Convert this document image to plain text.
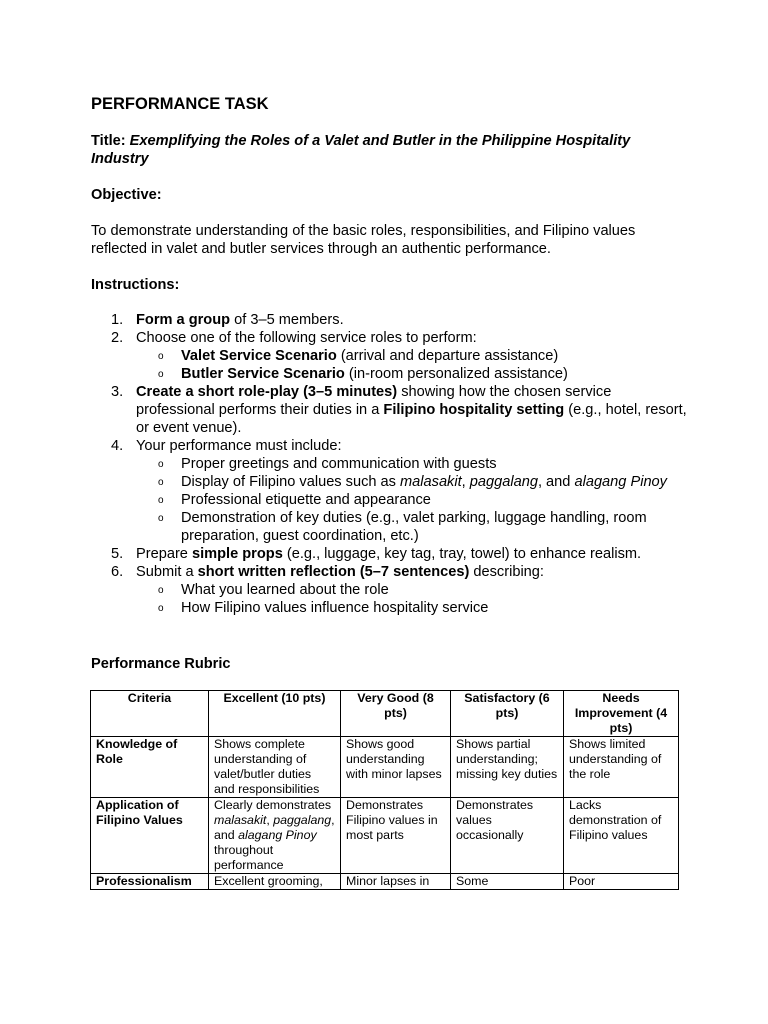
PERFORMANCE TASK

Title: Exemplifying the Roles of a Valet and Butler in the Philippine Hospitality Industry

Objective:

To demonstrate understanding of the basic roles, responsibilities, and Filipino values reflected in valet and butler services through an authentic performance.

Instructions:

1. Form a group of 3–5 members.
2. Choose one of the following service roles to perform:
o Valet Service Scenario (arrival and departure assistance)
o Butler Service Scenario (in-room personalized assistance)
3. Create a short role-play (3–5 minutes) showing how the chosen service professional performs their duties in a Filipino hospitality setting (e.g., hotel, resort, or event venue).
4. Your performance must include:
o Proper greetings and communication with guests
o Display of Filipino values such as malasakit, paggalang, and alagang Pinoy
o Professional etiquette and appearance
o Demonstration of key duties (e.g., valet parking, luggage handling, room preparation, guest coordination, etc.)
5. Prepare simple props (e.g., luggage, key tag, tray, towel) to enhance realism.
6. Submit a short written reflection (5–7 sentences) describing:
o What you learned about the role
o How Filipino values influence hospitality service

Performance Rubric

Criteria	Excellent (10 pts)	Very Good (8 pts)	Satisfactory (6 pts)	Needs Improvement (4 pts)
Knowledge of Role	Shows complete understanding of valet/butler duties and responsibilities	Shows good understanding with minor lapses	Shows partial understanding; missing key duties	Shows limited understanding of the role
Application of Filipino Values	Clearly demonstrates malasakit, paggalang, and alagang Pinoy throughout performance	Demonstrates Filipino values in most parts	Demonstrates values occasionally	Lacks demonstration of Filipino values
Professionalism	Excellent grooming,	Minor lapses in	Some	Poor
